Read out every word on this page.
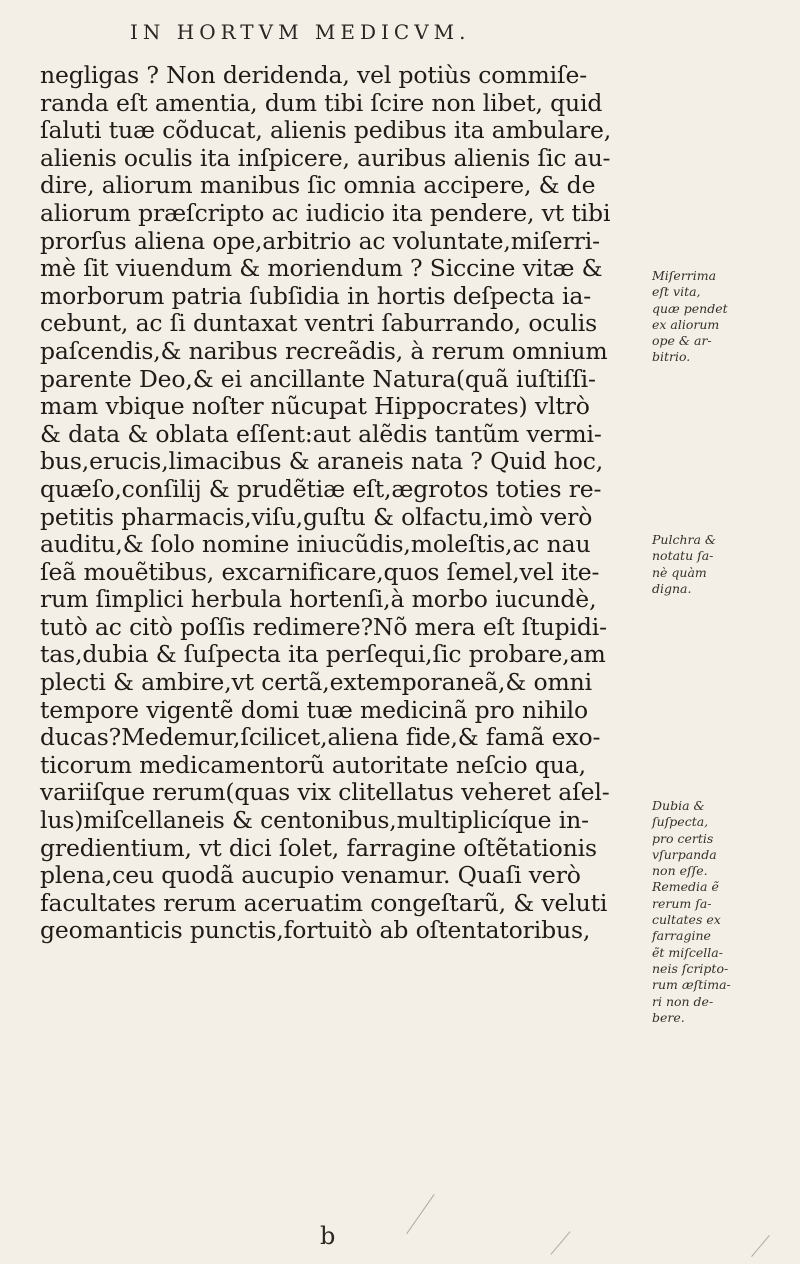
IN HORTVM MEDICVM.
negligas ? Non deridenda, vel potiùs commiſe-
randa eſt amentia, dum tibi ſcire non libet, quid
ſaluti tuæ cõducat, alienis pedibus ita ambulare,
alienis oculis ita inſpicere, auribus alienis ſic au-
dire, aliorum manibus ſic omnia accipere, & de
aliorum præſcripto ac iudicio ita pendere, vt tibi
prorſus aliena ope,arbitrio ac voluntate,miſerri-
mè ſit viuendum & moriendum ? Siccine vitæ &
morborum patria ſubſidia in hortis deſpecta ia-
cebunt, ac ſi duntaxat ventri ſaburrando, oculis
paſcendis,& naribus recreãdis, à rerum omnium
parente Deo,& ei ancillante Natura(quã iuſtiſſi-
mam vbique noſter nũcupat Hippocrates) vltrò
& data & oblata eſſent:aut alẽdis tantũm vermi-
bus,erucis,limacibus & araneis nata ? Quid hoc,
quæſo,conſilij & prudẽtiæ eſt,ægrotos toties re-
petitis pharmacis,viſu,guſtu & olfactu,imò verò
auditu,& ſolo nomine iniucũdis,moleſtis,ac nau
ſeã mouẽtibus, excarnificare,quos ſemel,vel ite-
rum ſimplici herbula hortenſi,à morbo iucundè,
tutò ac citò poſſis redimere?Nõ mera eſt ſtupidi-
tas,dubia & ſuſpecta ita perſequi,ſic probare,am
plecti & ambire,vt certã,extemporaneã,& omni
tempore vigentẽ domi tuæ medicinã pro nihilo
ducas?Medemur,ſcilicet,aliena fide,& famã exo-
ticorum medicamentorũ autoritate neſcio qua,
variiſque rerum(quas vix clitellatus veheret aſel-
lus)miſcellaneis & centonibus,multiplicíque in-
gredientium, vt dici ſolet, farragine oſtẽtationis
plena,ceu quodã aucupio venamur. Quaſi verò
facultates rerum aceruatim congeſtarũ, & veluti
geomanticis punctis,fortuitò ab oſtentatoribus,
b
Miſerrima
eſt vita,
quæ pendet
ex aliorum
ope & ar-
bitrio.
Pulchra &
notatu ſa-
nè quàm
digna.
Dubia &
ſuſpecta,
pro certis
vſurpanda
non eſſe.
Remedia ẽ
rerum ſa-
cultates ex
farragine
ẽt miſcella-
neis ſcripto-
rum æſtima-
ri non de-
bere.
